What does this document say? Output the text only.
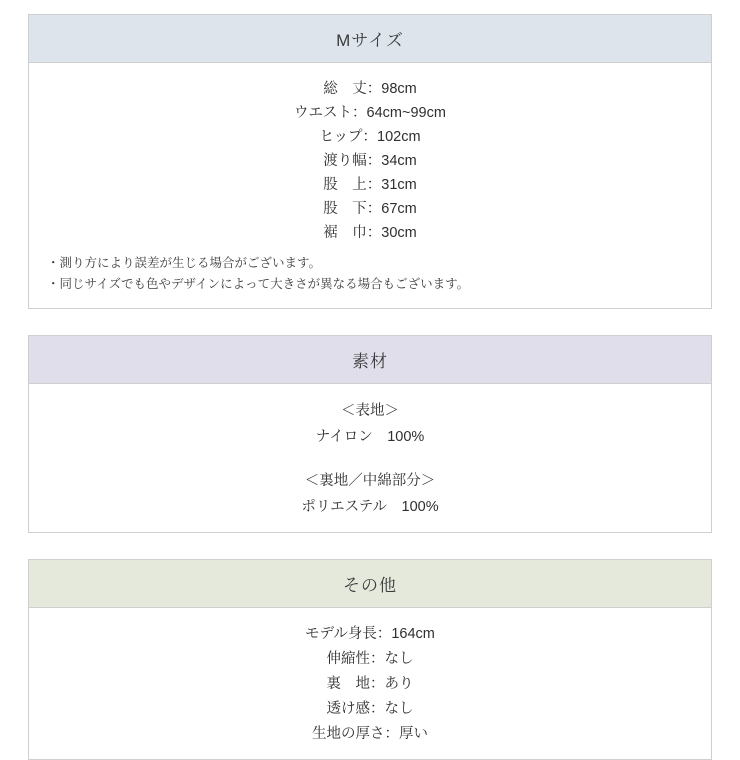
Mサイズ
総　丈：98cm
ウエスト：64cm~99cm
ヒップ：102cm
渡り幅：34cm
股　上：31cm
股　下：67cm
裾　巾：30cm

・測り方により誤差が生じる場合がございます。

・同じサイズでも色やデザインによって大きさが異なる場合もございます。

素材
＜表地＞
ナイロン　100%
＜裏地／中綿部分＞
ポリエステル　100%
その他
モデル身長：164cm
伸縮性：なし
裏　地：あり
透け感：なし
生地の厚さ：厚い
